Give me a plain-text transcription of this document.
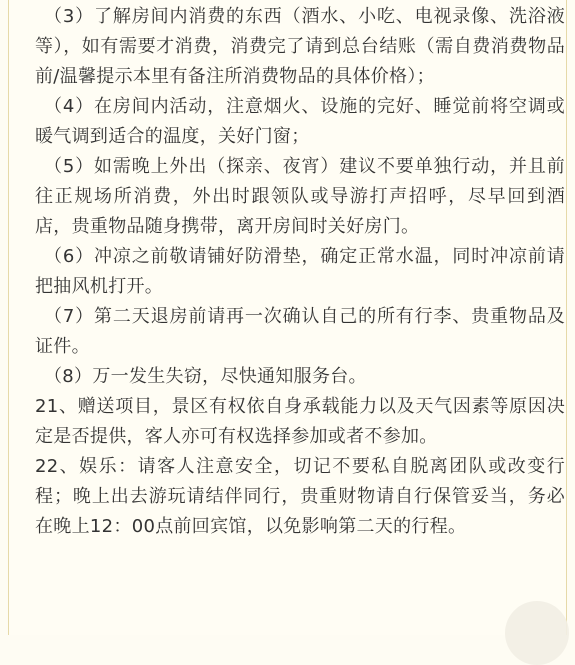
（3）了解房间内消费的东西（酒水、小吃、电视录像、洗浴液等），如有需要才消费，消费完了请到总台结账（需自费消费物品前/温馨提示本里有备注所消费物品的具体价格）；

（4）在房间内活动，注意烟火、设施的完好、睡觉前将空调或暖气调到适合的温度，关好门窗；

（5）如需晚上外出（探亲、夜宵）建议不要单独行动，并且前往正规场所消费，外出时跟领队或导游打声招呼，尽早回到酒店，贵重物品随身携带，离开房间时关好房门。

（6）冲凉之前敬请铺好防滑垫，确定正常水温，同时冲凉前请把抽风机打开。

（7）第二天退房前请再一次确认自己的所有行李、贵重物品及证件。

（8）万一发生失窃，尽快通知服务台。

21、赠送项目，景区有权依自身承载能力以及天气因素等原因决定是否提供，客人亦可有权选择参加或者不参加。

22、娱乐：请客人注意安全，切记不要私自脱离团队或改变行程；晚上出去游玩请结伴同行，贵重财物请自行保管妥当，务必在晚上12：00点前回宾馆，以免影响第二天的行程。
